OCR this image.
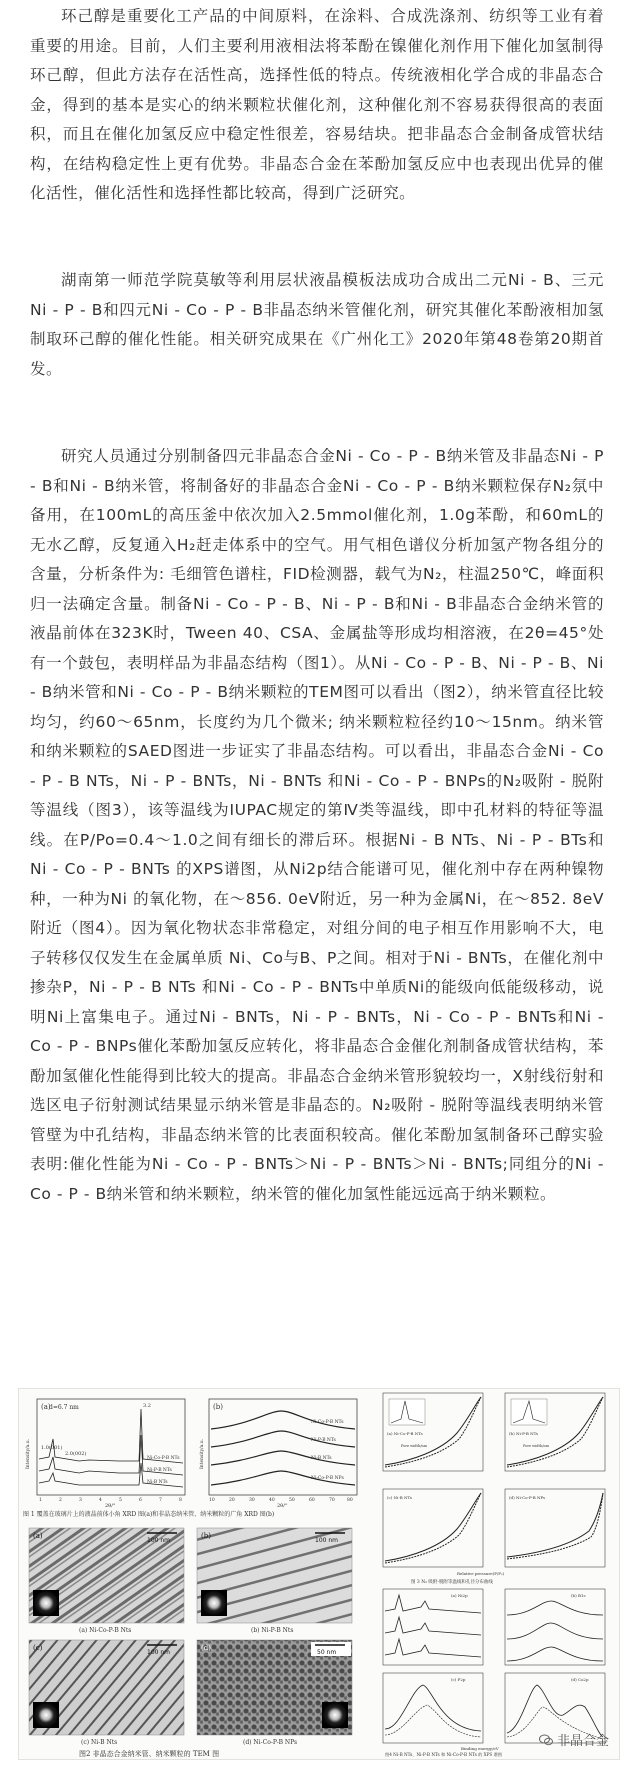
环己醇是重要化工产品的中间原料，在涂料、合成洗涤剂、纺织等工业有着重要的用途。目前，人们主要利用液相法将苯酚在镍催化剂作用下催化加氢制得环己醇，但此方法存在活性高，选择性低的特点。传统液相化学合成的非晶态合金，得到的基本是实心的纳米颗粒状催化剂，这种催化剂不容易获得很高的表面积，而且在催化加氢反应中稳定性很差，容易结块。把非晶态合金制备成管状结构，在结构稳定性上更有优势。非晶态合金在苯酚加氢反应中也表现出优异的催化活性，催化活性和选择性都比较高，得到广泛研究。

湖南第一师范学院莫敏等利用层状液晶模板法成功合成出二元Ni - B、三元Ni - P - B和四元Ni - Co - P - B非晶态纳米管催化剂，研究其催化苯酚液相加氢制取环己醇的催化性能。相关研究成果在《广州化工》2020年第48卷第20期首发。

研究人员通过分别制备四元非晶态合金Ni - Co - P - B纳米管及非晶态Ni - P - B和Ni - B纳米管，将制备好的非晶态合金Ni - Co - P - B纳米颗粒保存N₂氛中备用，在100mL的高压釜中依次加入2.5mmol催化剂，1.0g苯酚，和60mL的无水乙醇，反复通入H₂赶走体系中的空气。用气相色谱仪分析加氢产物各组分的含量，分析条件为: 毛细管色谱柱，FID检测器，载气为N₂，柱温250℃，峰面积归一法确定含量。制备Ni - Co - P - B、Ni - P - B和Ni - B非晶态合金纳米管的液晶前体在323K时，Tween 40、CSA、金属盐等形成均相溶液，在2θ=45°处有一个鼓包，表明样品为非晶态结构（图1）。从Ni - Co - P - B、Ni - P - B、Ni - B纳米管和Ni - Co - P - B纳米颗粒的TEM图可以看出（图2），纳米管直径比较均匀，约60～65nm，长度约为几个微米; 纳米颗粒粒径约10～15nm。纳米管和纳米颗粒的SAED图进一步证实了非晶态结构。可以看出，非晶态合金Ni - Co - P - B NTs，Ni - P - BNTs，Ni - BNTs 和Ni - Co - P - BNPs的N₂吸附 - 脱附等温线（图3），该等温线为IUPAC规定的第Ⅳ类等温线，即中孔材料的特征等温线。在P/Po=0.4～1.0之间有细长的滞后环。根据Ni - B NTs、Ni - P - BTs和Ni - Co - P - BNTs 的XPS谱图，从Ni2p结合能谱可见，催化剂中存在两种镍物种，一种为Ni 的氧化物，在～856. 0eV附近，另一种为金属Ni，在～852. 8eV附近（图4）。因为氧化物状态非常稳定，对组分间的电子相互作用影响不大，电子转移仅仅发生在金属单质 Ni、Co与B、P之间。相对于Ni - BNTs，在催化剂中掺杂P，Ni - P - B NTs 和Ni - Co - P - BNTs中单质Ni的能级向低能级移动，说明Ni上富集电子。通过Ni - BNTs，Ni - P - BNTs，Ni - Co - P - BNTs和Ni - Co - P - BNPs催化苯酚加氢反应转化，将非晶态合金催化剂制备成管状结构，苯酚加氢催化性能得到比较大的提高。非晶态合金纳米管形貌较均一，X射线衍射和选区电子衍射测试结果显示纳米管是非晶态的。N₂吸附 - 脱附等温线表明纳米管管壁为中孔结构，非晶态纳米管的比表面积较高。催化苯酚加氢制备环己醇实验表明:催化性能为Ni - Co - P - BNTs＞Ni - P - BNTs＞Ni - BNTs;同组分的Ni - Co - P - B纳米管和纳米颗粒，纳米管的催化加氢性能远远高于纳米颗粒。

(a)
d=6.7 nm
1.0(001)
2.0(002)
3.2
Ni-Co-P-B NTs
Ni-P-B NTs
Ni-B NTs
Intensity/a.u.
2θ/°
1	2	3	4	5	6	7	8
(b)
Ni-Co-P-B NTs
Ni-P-B NTs
Ni-B NTs
Ni-Co-P-B NPs
Intensity/a.u.
2θ/°
10	20	30	40	50	60	70	80
图 1 覆盖在玻璃片上的液晶前体小角 XRD 图(a)和非晶态纳米管、纳米颗粒的广角 XRD 图(b)
(a)
100 nm
(a) Ni-Co-P-B Nts
(b)
100 nm
(b) Ni-P-B Nts
(c)
100 nm
(c) Ni-B Nts
(d)
50 nm
(d) Ni-Co-P-B NPs
图2 非晶态合金纳米管、纳米颗粒的 TEM 图
(a) Ni-Co-P-B NTs
Pore width/nm
(b) Ni-P-B NTs
Pore width/nm
(c) Ni-B NTs	(d) Ni-Co-P-B NPs
Relative pressure(P/P₀)
图 3 N₂ 吸附-脱附等温线和孔径分布曲线
(a) Ni2p	(b) B1s
(c) P2p	(d) Co2p
Binding energy/eV
图4 Ni-B NTs、Ni-P-B NTs 和 Ni-Co-P-B NTs 的 XPS 谱图
非晶合金
